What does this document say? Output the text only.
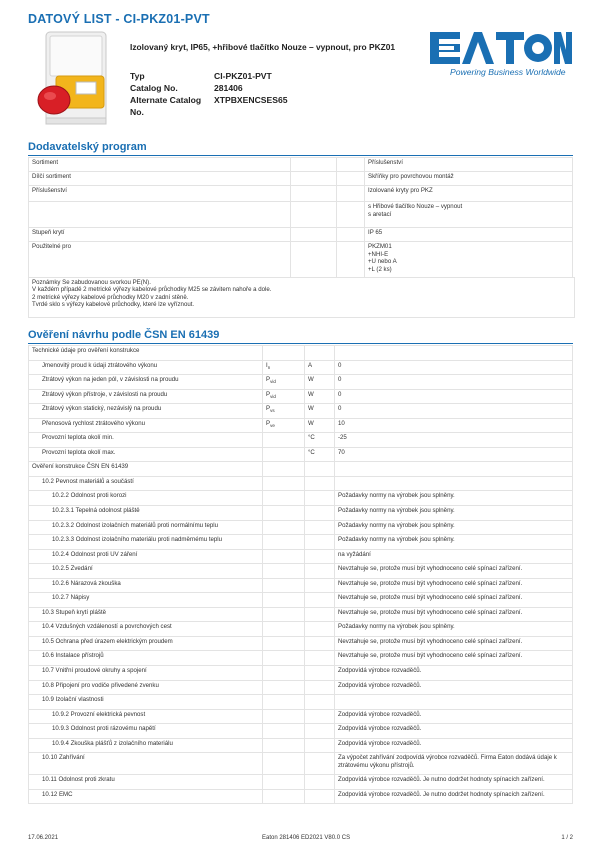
DATOVÝ LIST - CI-PKZ01-PVT
Izolovaný kryt, IP65, +hřibové tlačítko Nouze – vypnout, pro PKZ01
Typ	CI-PKZ01-PVT
Catalog No.	281406
Alternate Catalog	XTPBXENCSES65
No.
Powering Business Worldwide
Dodavatelský program
Sortiment			Příslušenství
Dílčí sortiment			Skříňky pro povrchovou montáž
Příslušenství			Izolované kryty pro PKZ
			s Hřibové tlačítko Nouze – vypnout
s aretací
Stupeň krytí			IP 65
Použitelné pro			PKZM01
+NHI-E
+U nebo A
+L (2 ks)
Poznámky Se zabudovanou svorkou PE(N).
V každém případě 2 metrické výřezy kabelové průchodky M25 se závitem nahoře a dole.
2 metrické výřezy kabelové průchodky M20 v zadní stěně.
Tvrdé sklo s výřezy kabelové průchodky, které lze vyříznout.
Ověření návrhu podle ČSN EN 61439
Technické údaje pro ověření konstrukce			
Jmenovitý proud k údaji ztrátového výkonu	$I_n$	A	0
Ztrátový výkon na jeden pól, v závislosti na proudu	$P_{vid}$	W	0
Ztrátový výkon přístroje, v závislosti na proudu	$P_{vid}$	W	0
Ztrátový výkon statický, nezávislý na proudu	$P_{vs}$	W	0
Přenosová rychlost ztrátového výkonu	$P_{ve}$	W	10
Provozní teplota okolí min.		°C	-25
Provozní teplota okolí max.		°C	70
Ověření konstrukce ČSN EN 61439			
10.2 Pevnost materiálů a součástí			
10.2.2 Odolnost proti korozi			Požadavky normy na výrobek jsou splněny.
10.2.3.1 Tepelná odolnost pláště			Požadavky normy na výrobek jsou splněny.
10.2.3.2 Odolnost izolačních materiálů proti normálnímu teplu			Požadavky normy na výrobek jsou splněny.
10.2.3.3 Odolnost izolačního materiálu proti nadměrnému teplu			Požadavky normy na výrobek jsou splněny.
10.2.4 Odolnost proti UV záření			na vyžádání
10.2.5 Zvedání			Nevztahuje se, protože musí být vyhodnoceno celé spínací zařízení.
10.2.6 Nárazová zkouška			Nevztahuje se, protože musí být vyhodnoceno celé spínací zařízení.
10.2.7 Nápisy			Nevztahuje se, protože musí být vyhodnoceno celé spínací zařízení.
10.3 Stupeň krytí pláště			Nevztahuje se, protože musí být vyhodnoceno celé spínací zařízení.
10.4 Vzdušných vzdáleností a povrchových cest			Požadavky normy na výrobek jsou splněny.
10.5 Ochrana před úrazem elektrickým proudem			Nevztahuje se, protože musí být vyhodnoceno celé spínací zařízení.
10.6 Instalace přístrojů			Nevztahuje se, protože musí být vyhodnoceno celé spínací zařízení.
10.7 Vnitřní proudové okruhy a spojení			Zodpovídá výrobce rozvaděčů.
10.8 Připojení pro vodiče přivedené zvenku			Zodpovídá výrobce rozvaděčů.
10.9 Izolační vlastnosti			
10.9.2 Provozní elektrická pevnost			Zodpovídá výrobce rozvaděčů.
10.9.3 Odolnost proti rázovému napětí			Zodpovídá výrobce rozvaděčů.
10.9.4 Zkouška plášťů z izolačního materiálu			Zodpovídá výrobce rozvaděčů.
10.10 Zahřívání			Za výpočet zahřívání zodpovídá výrobce rozvaděčů. Firma Eaton dodává údaje k
ztrátovému výkonu přístrojů.
10.11 Odolnost proti zkratu			Zodpovídá výrobce rozvaděčů. Je nutno dodržet hodnoty spínacích zařízení.
10.12 EMC			Zodpovídá výrobce rozvaděčů. Je nutno dodržet hodnoty spínacích zařízení.
17.06.2021	Eaton 281406 ED2021 V80.0 CS	1 / 2
